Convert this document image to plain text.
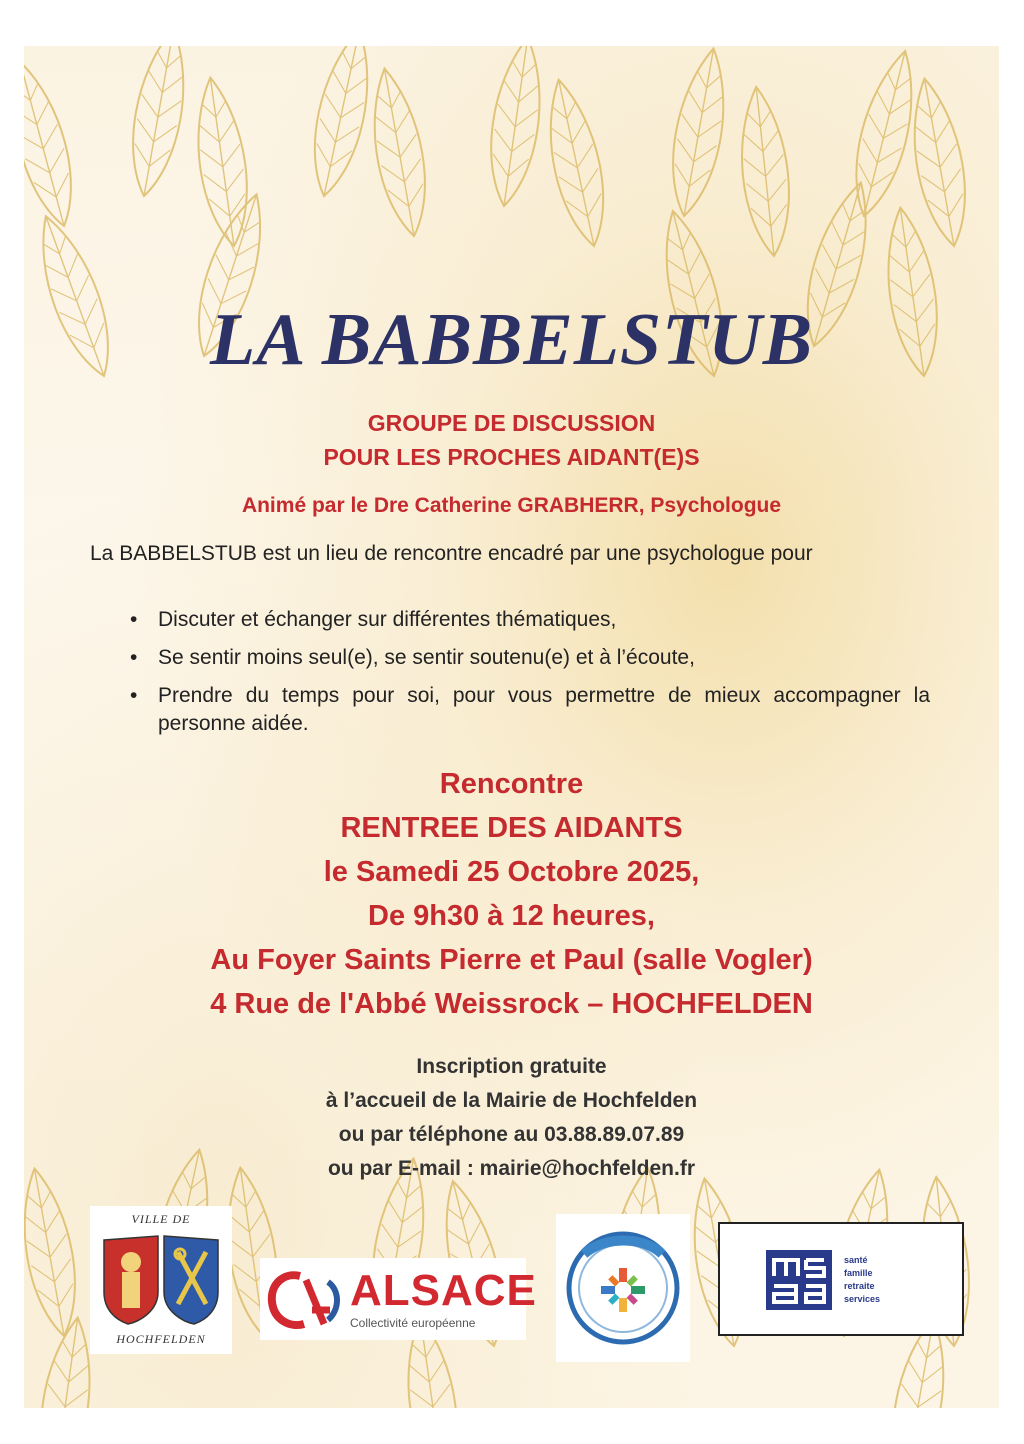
LA BABBELSTUB
GROUPE DE DISCUSSION
POUR LES PROCHES AIDANT(E)S
Animé par le Dre Catherine GRABHERR, Psychologue

La BABBELSTUB est un lieu de rencontre encadré par une psychologue pour

• Discuter et échanger sur différentes thématiques,
• Se sentir moins seul(e), se sentir soutenu(e) et à l’écoute,
• Prendre du temps pour soi, pour vous permettre de mieux accompagner la personne aidée.
Rencontre
RENTREE DES AIDANTS
le Samedi 25 Octobre 2025,
De 9h30 à 12 heures,
Au Foyer Saints Pierre et Paul (salle Vogler)
4 Rue de l'Abbé Weissrock – HOCHFELDEN
Inscription gratuite
à l’accueil de la Mairie de Hochfelden
ou par téléphone au 03.88.89.07.89
ou par E-mail : mairie@hochfelden.fr
VILLE DE
HOCHFELDEN
ALSACE
Collectivité européenne
santé
famille
retraite
services
